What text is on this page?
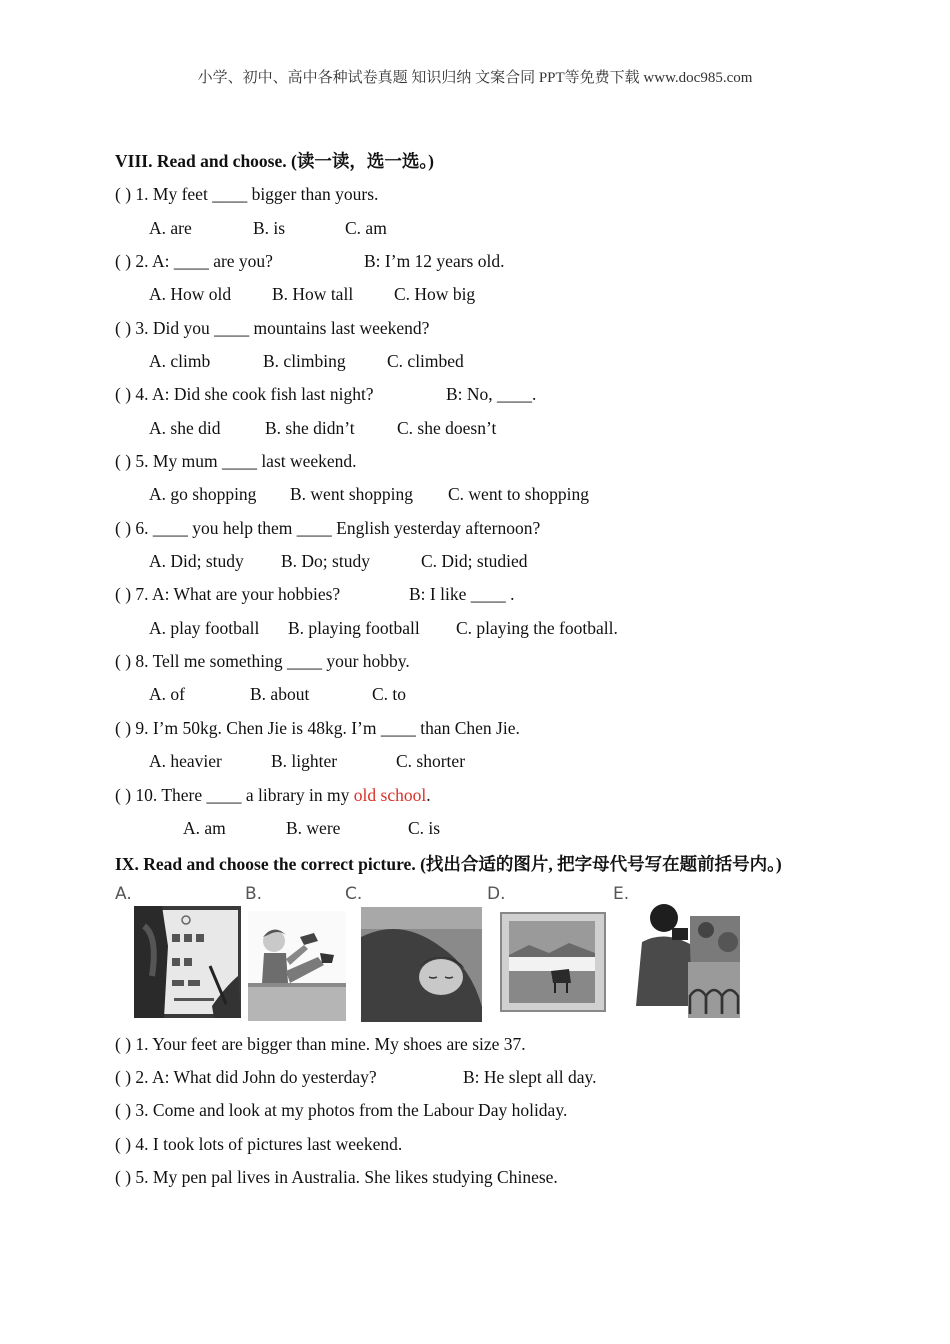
小学、初中、高中各种试卷真题 知识归纳 文案合同 PPT等免费下载 www.doc985.com
VIII. Read and choose. (读一读，选一选。)
( ) 1. My feet ____ bigger than yours.
A. are	B. is	C. am
( ) 2. A: ____ are you?	B: I’m 12 years old.
A. How old B. How tall C. How big
( ) 3. Did you ____ mountains last weekend?
A. climb	B. climbing C. climbed
( ) 4. A: Did she cook fish last night?	B: No, ____.
A. she did	B. she didn’t C. she doesn’t
( ) 5. My mum ____ last weekend.
A. go shopping B. went shopping C. went to shopping
( ) 6. ____ you help them ____ English yesterday afternoon?
A. Did; study B. Do; study	C. Did; studied
( ) 7. A: What are your hobbies?	B: I like ____ .
A. play football B. playing football C. playing the football.
( ) 8. Tell me something ____ your hobby.
A. of	B. about	C. to
( ) 9. I’m 50kg. Chen Jie is 48kg. I’m ____ than Chen Jie.
A. heavier	B. lighter	C. shorter
( ) 10. There ____ a library in my old school.
A. am	B. were	C. is
IX. Read and choose the correct picture. (找出合适的图片, 把字母代号写在题前括号内。)
A.	B.	C.	D.	E.
( ) 1. Your feet are bigger than mine. My shoes are size 37.
( ) 2. A: What did John do yesterday?	B: He slept all day.
( ) 3. Come and look at my photos from the Labour Day holiday.
( ) 4. I took lots of pictures last weekend.
( ) 5. My pen pal lives in Australia. She likes studying Chinese.
